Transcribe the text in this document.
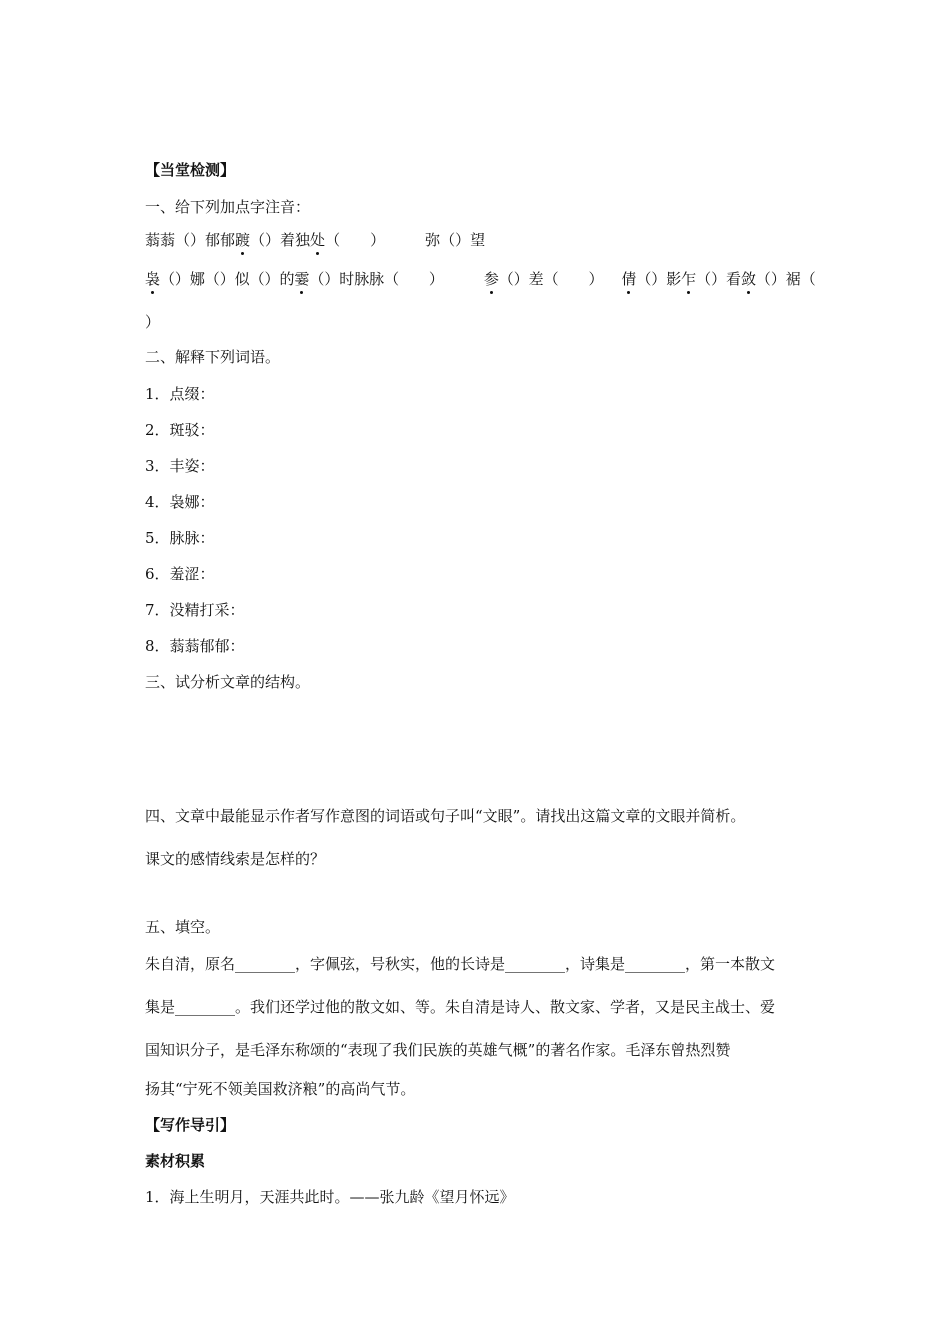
【当堂检测】
一、给下列加点字注音：
蓊蓊（）郁郁踱（）着独处（　　）	弥（）望
袅（）娜（）似（）的霎（）时脉脉（　　）	参（）差（　　） 倩（）影乍（）看敛（）裾（
）
二、解释下列词语。
1．点缀：
2．斑驳：
3．丰姿：
4．袅娜：
5．脉脉：
6．羞涩：
7．没精打采：
8．蓊蓊郁郁：
三、试分析文章的结构。
四、文章中最能显示作者写作意图的词语或句子叫“文眼”。请找出这篇文章的文眼并简析。
课文的感情线索是怎样的？
五、填空。
朱自清，原名________，字佩弦，号秋实，他的长诗是________，诗集是________，第一本散文
集是________。我们还学过他的散文如、等。朱自清是诗人、散文家、学者，又是民主战士、爱
国知识分子，是毛泽东称颂的“表现了我们民族的英雄气概”的著名作家。毛泽东曾热烈赞
扬其“宁死不领美国救济粮”的高尚气节。
【写作导引】
素材积累
1．海上生明月，天涯共此时。——张九龄《望月怀远》
